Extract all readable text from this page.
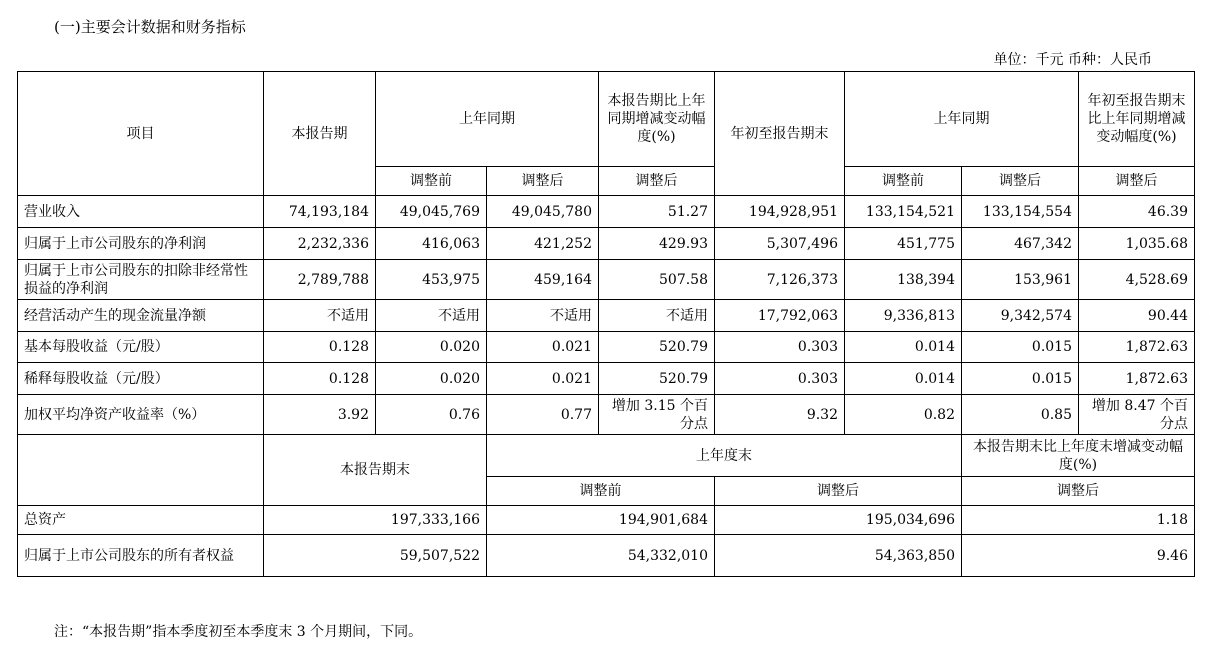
(一)主要会计数据和财务指标
单位：千元 币种：人民币
项目	本报告期	上年同期		本报告期比上年同期增减变动幅度(%)	年初至报告期末	上年同期		年初至报告期末比上年同期增减变动幅度(%)
		调整前	调整后	调整后		调整前	调整后	调整后
营业收入	74,193,184	49,045,769	49,045,780	51.27	194,928,951	133,154,521	133,154,554	46.39
归属于上市公司股东的净利润	2,232,336	416,063	421,252	429.93	5,307,496	451,775	467,342	1,035.68
归属于上市公司股东的扣除非经常性损益的净利润	2,789,788	453,975	459,164	507.58	7,126,373	138,394	153,961	4,528.69
经营活动产生的现金流量净额	不适用	不适用	不适用	不适用	17,792,063	9,336,813	9,342,574	90.44
基本每股收益（元/股）	0.128	0.020	0.021	520.79	0.303	0.014	0.015	1,872.63
稀释每股收益（元/股）	0.128	0.020	0.021	520.79	0.303	0.014	0.015	1,872.63
加权平均净资产收益率（%）	3.92	0.76	0.77	增加 3.15 个百分点	9.32	0.82	0.85	增加 8.47 个百分点
	本报告期末		上年度末				本报告期末比上年度末增减变动幅度(%)	
			调整前		调整后		调整后	
总资产	197,333,166		194,901,684		195,034,696		1.18	
归属于上市公司股东的所有者权益	59,507,522		54,332,010		54,363,850		9.46	
注：“本报告期”指本季度初至本季度末 3 个月期间，下同。
